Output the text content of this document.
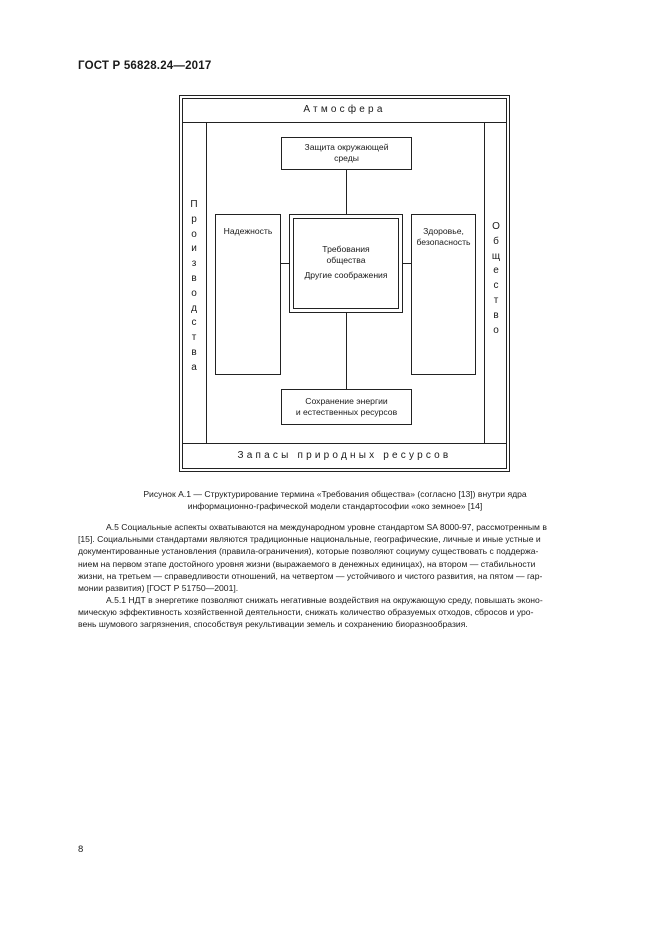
ГОСТ Р 56828.24—2017
Атмосфера
Запасы природных ресурсов
П
р
о
и
з
в
о
д
с
т
в
а
О
б
щ
е
с
т
в
о
Защита окружающей
среды
Надежность	Здоровье,
безопасность
Требования
общества
Другие соображения
Сохранение энергии
и естественных ресурсов
Рисунок А.1 — Структурирование термина «Требования общества» (согласно [13]) внутри ядра
информационно-графической модели стандартософии «око земное» [14]
А.5 Социальные аспекты охватываются на международном уровне стандартом SA 8000-97, рассмотренным в
[15]. Социальными стандартами являются традиционные национальные, географические, личные и иные устные и
документированные установления (правила-ограничения), которые позволяют социуму существовать с поддержа-
нием на первом этапе достойного уровня жизни (выражаемого в денежных единицах), на втором — стабильности
жизни, на третьем — справедливости отношений, на четвертом — устойчивого и чистого развития, на пятом — гар-
монии развития) [ГОСТ Р 51750—2001].
А.5.1 НДТ в энергетике позволяют снижать негативные воздействия на окружающую среду, повышать эконо-
мическую эффективность хозяйственной деятельности, снижать количество образуемых отходов, сбросов и уро-
вень шумового загрязнения, способствуя рекультивации земель и сохранению биоразнообразия.
8
